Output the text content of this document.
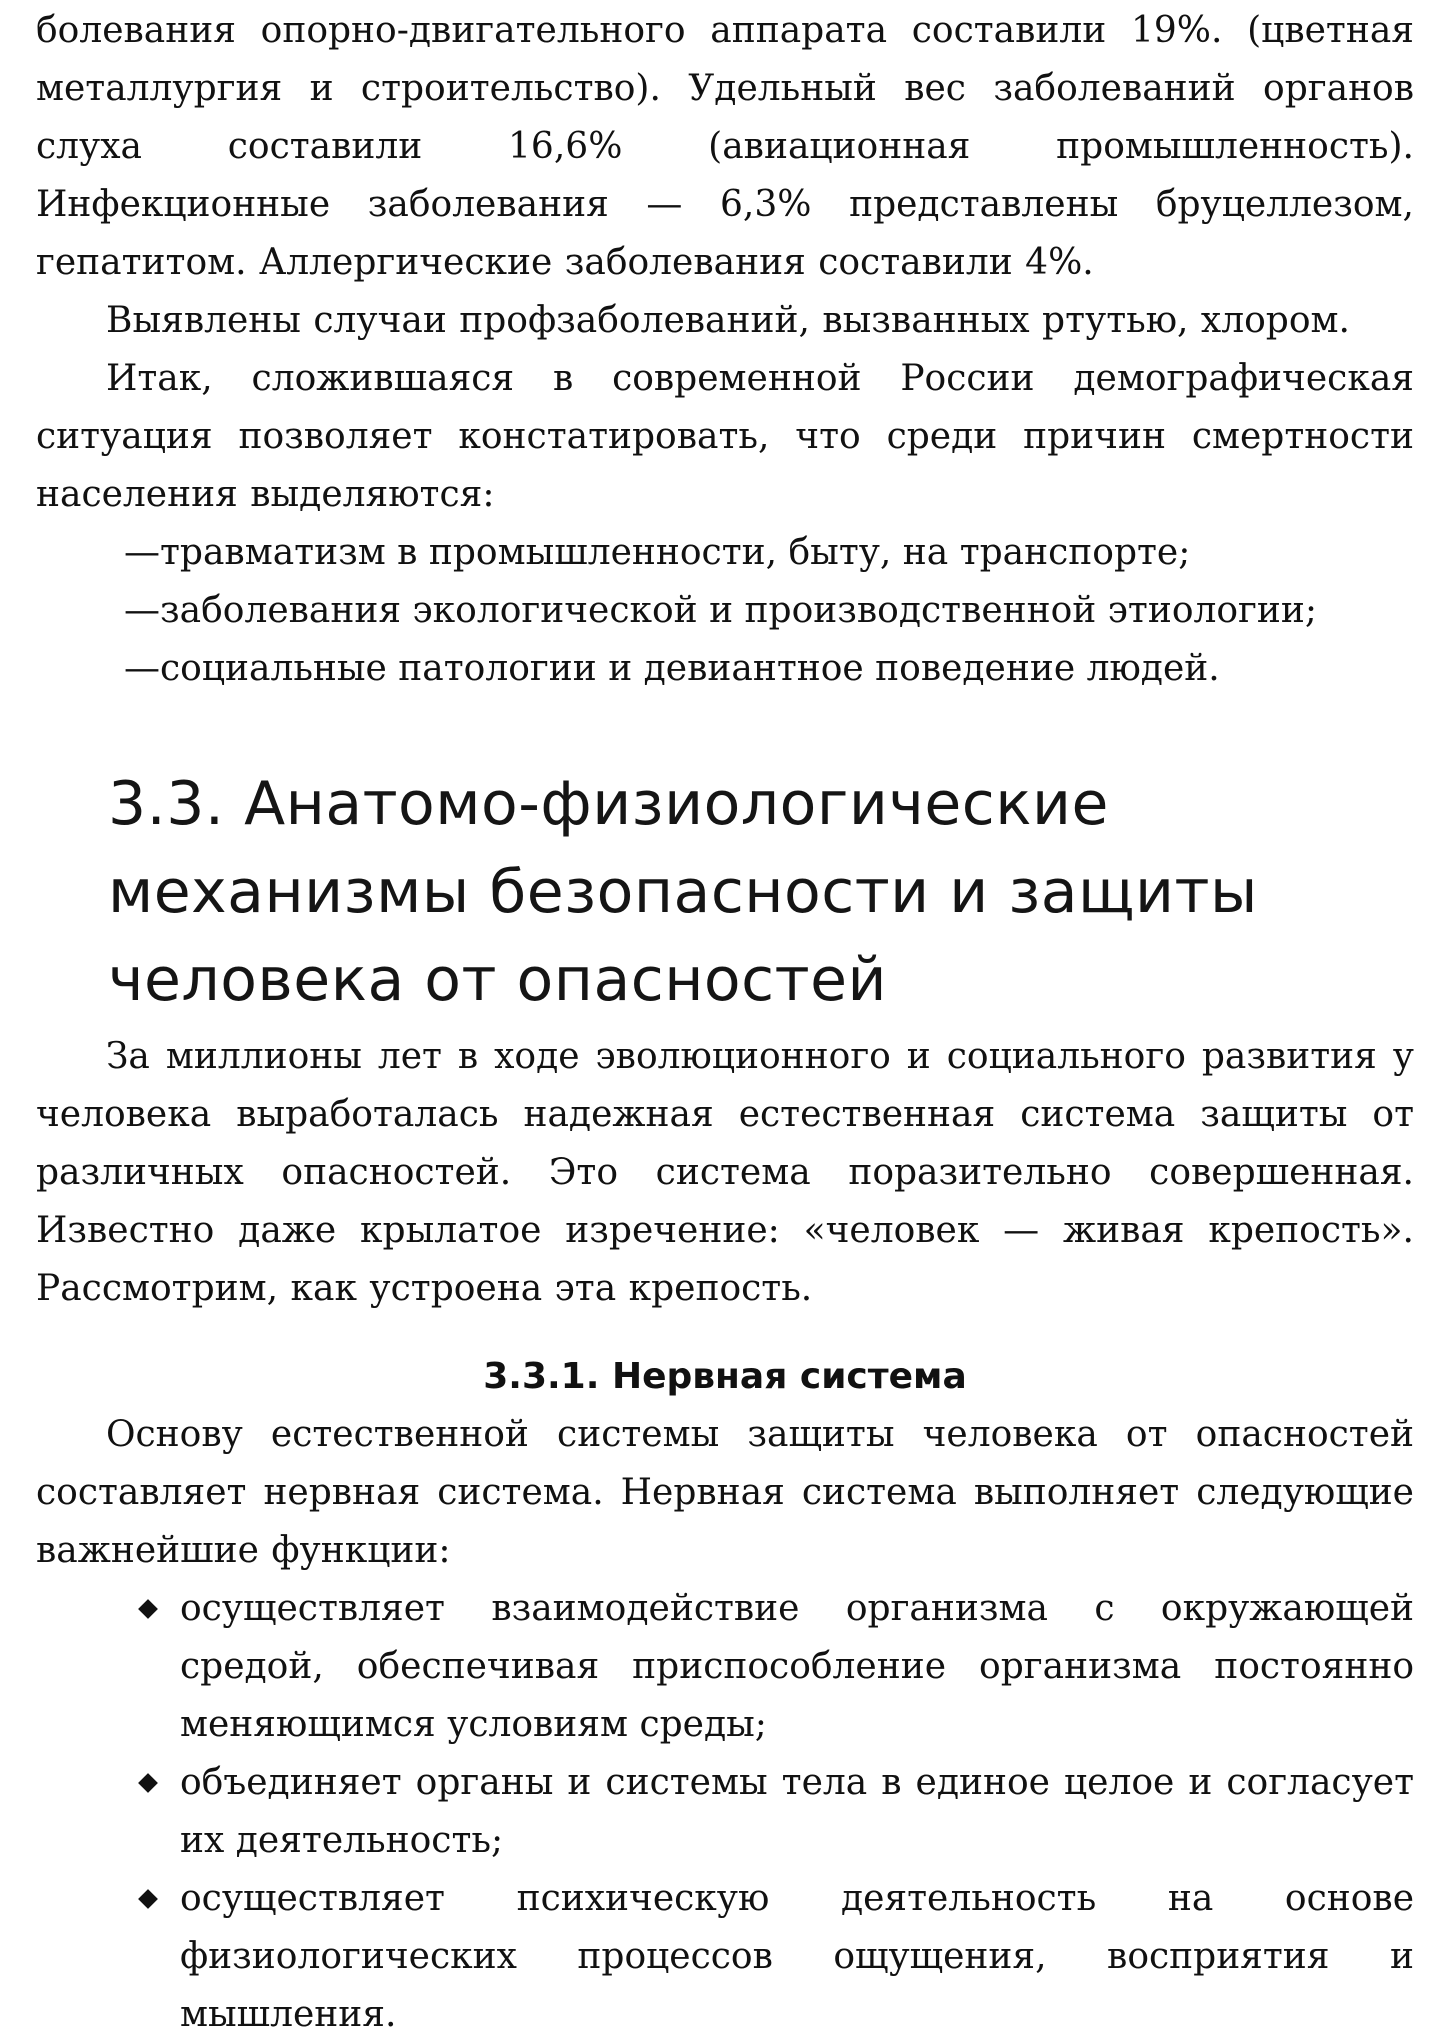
болевания опорно-двигательного аппарата составили 19%. (цветная металлургия и строительство). Удельный вес заболеваний органов слуха составили 16,6% (авиационная промышленность). Инфекционные заболевания — 6,3% представлены бруцеллезом, гепатитом. Аллергические заболевания составили 4%.

Выявлены случаи профзаболеваний, вызванных ртутью, хлором.

Итак, сложившаяся в современной России демографическая ситуация позволяет констатировать, что среди причин смертности населения выделяются:

—травматизм в промышленности, быту, на транспорте;
—заболевания экологической и производственной этиологии;
—социальные патологии и девиантное поведение людей.
3.3. Анатомо-физиологические
механизмы безопасности и защиты
человека от опасностей

За миллионы лет в ходе эволюционного и социального развития у человека выработалась надежная естественная система защиты от различных опасностей. Это система поразительно совершенная. Известно даже крылатое изречение: «человек — живая крепость». Рассмотрим, как устроена эта крепость.

3.3.1. Нервная система

Основу естественной системы защиты человека от опасностей составляет нервная система. Нервная система выполняет следующие важнейшие функции:

осуществляет взаимодействие организма с окружающей средой, обеспечивая приспособление организма постоянно меняющимся условиям среды;
объединяет органы и системы тела в единое целое и согласует их деятельность;
осуществляет психическую деятельность на основе физиологических процессов ощущения, восприятия и мышления.
